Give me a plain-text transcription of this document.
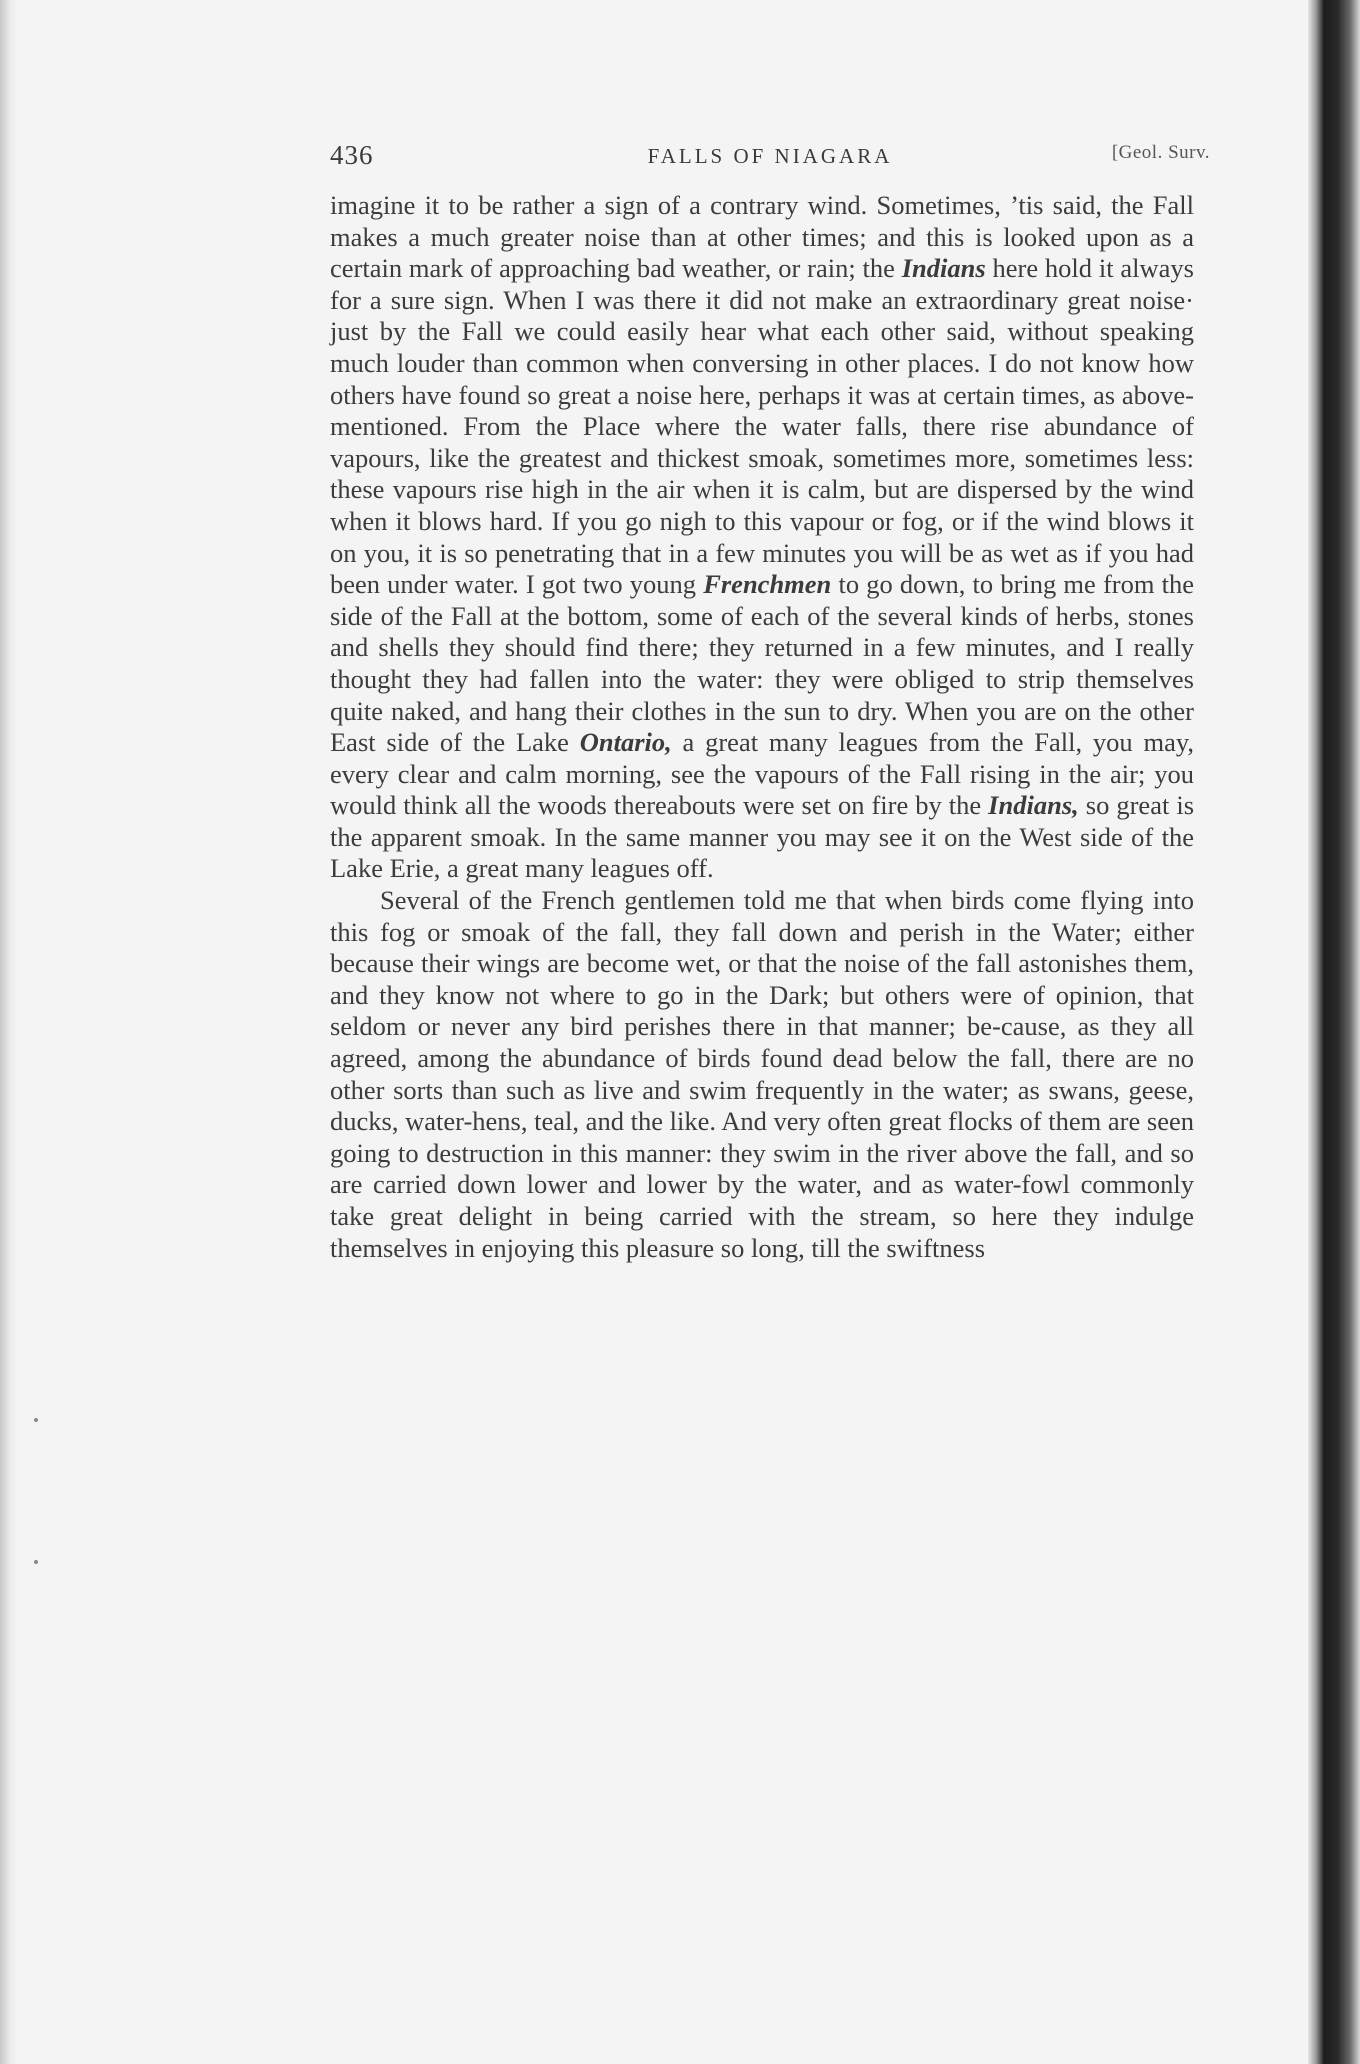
436	FALLS OF NIAGARA	[Geol. Surv.

imagine it to be rather a sign of a contrary wind. Sometimes, ’tis said, the Fall makes a much greater noise than at other times; and this is looked upon as a certain mark of approaching bad weather, or rain; the Indians here hold it always for a sure sign. When I was there it did not make an extraordinary great noise· just by the Fall we could easily hear what each other said, without speaking much louder than common when conversing in other places. I do not know how others have found so great a noise here, perhaps it was at certain times, as above-mentioned. From the Place where the water falls, there rise abundance of vapours, like the greatest and thickest smoak, sometimes more, sometimes less: these vapours rise high in the air when it is calm, but are dispersed by the wind when it blows hard. If you go nigh to this vapour or fog, or if the wind blows it on you, it is so penetrating that in a few minutes you will be as wet as if you had been under water. I got two young Frenchmen to go down, to bring me from the side of the Fall at the bottom, some of each of the several kinds of herbs, stones and shells they should find there; they returned in a few minutes, and I really thought they had fallen into the water: they were obliged to strip themselves quite naked, and hang their clothes in the sun to dry. When you are on the other East side of the Lake Ontario, a great many leagues from the Fall, you may, every clear and calm morning, see the vapours of the Fall rising in the air; you would think all the woods thereabouts were set on fire by the Indians, so great is the apparent smoak. In the same manner you may see it on the West side of the Lake Erie, a great many leagues off.

Several of the French gentlemen told me that when birds come flying into this fog or smoak of the fall, they fall down and perish in the Water; either because their wings are become wet, or that the noise of the fall astonishes them, and they know not where to go in the Dark; but others were of opinion, that seldom or never any bird perishes there in that manner; be-cause, as they all agreed, among the abundance of birds found dead below the fall, there are no other sorts than such as live and swim frequently in the water; as swans, geese, ducks, water-hens, teal, and the like. And very often great flocks of them are seen going to destruction in this manner: they swim in the river above the fall, and so are carried down lower and lower by the water, and as water-fowl commonly take great delight in being carried with the stream, so here they indulge themselves in enjoying this pleasure so long, till the swiftness
